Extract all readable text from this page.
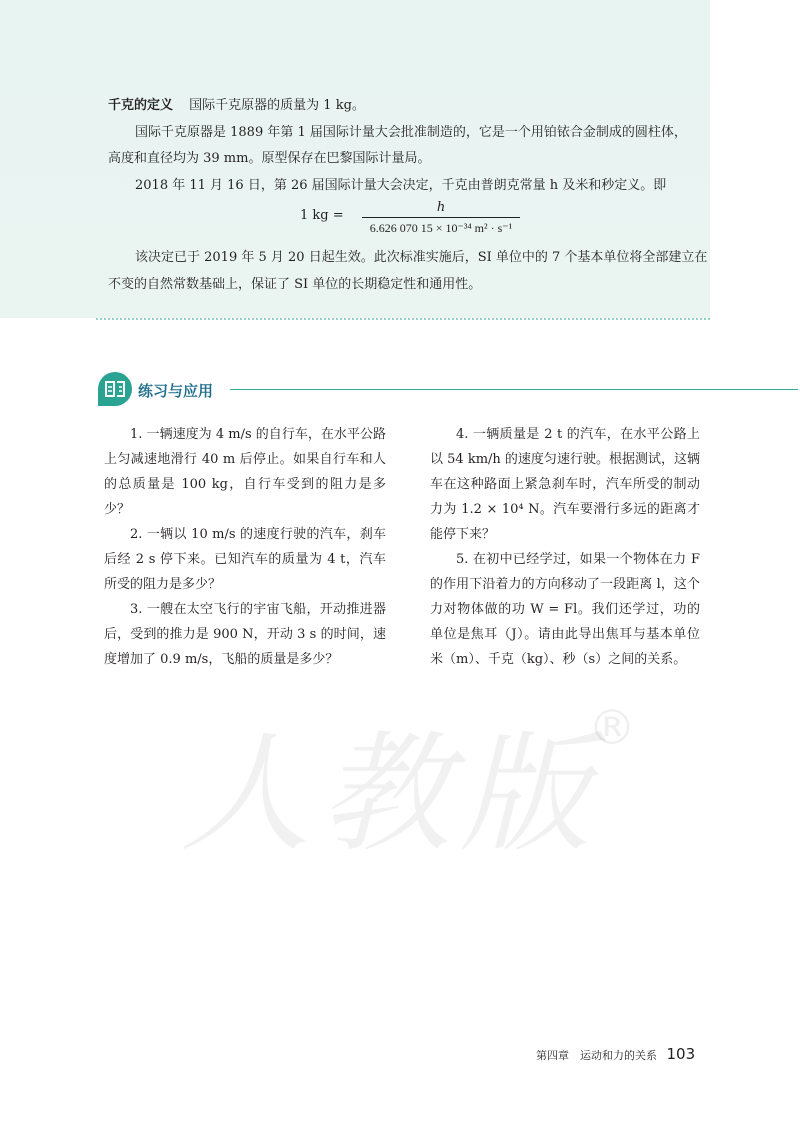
千克的定义 国际千克原器的质量为 1 kg。
国际千克原器是 1889 年第 1 届国际计量大会批准制造的，它是一个用铂铱合金制成的圆柱体，
高度和直径均为 39 mm。原型保存在巴黎国际计量局。
2018 年 11 月 16 日，第 26 届国际计量大会决定，千克由普朗克常量 h 及米和秒定义。即
1 kg =
h
6.626 070 15 × 10⁻³⁴ m² · s⁻¹
该决定已于 2019 年 5 月 20 日起生效。此次标准实施后，SI 单位中的 7 个基本单位将全部建立在
不变的自然常数基础上，保证了 SI 单位的长期稳定性和通用性。
练习与应用

1. 一辆速度为 4 m/s 的自行车，在水平公路上匀减速地滑行 40 m 后停止。如果自行车和人的总质量是 100 kg，自行车受到的阻力是多少？

2. 一辆以 10 m/s 的速度行驶的汽车，刹车后经 2 s 停下来。已知汽车的质量为 4 t，汽车所受的阻力是多少？

3. 一艘在太空飞行的宇宙飞船，开动推进器后，受到的推力是 900 N，开动 3 s 的时间，速度增加了 0.9 m/s，飞船的质量是多少？

4. 一辆质量是 2 t 的汽车，在水平公路上以 54 km/h 的速度匀速行驶。根据测试，这辆车在这种路面上紧急刹车时，汽车所受的制动力为 1.2 × 10⁴ N。汽车要滑行多远的距离才能停下来？

5. 在初中已经学过，如果一个物体在力 F 的作用下沿着力的方向移动了一段距离 l，这个力对物体做的功 W = Fl。我们还学过，功的单位是焦耳（J）。请由此导出焦耳与基本单位米（m）、千克（kg）、秒（s）之间的关系。

人教版
®
第四章　运动和力的关系 103
